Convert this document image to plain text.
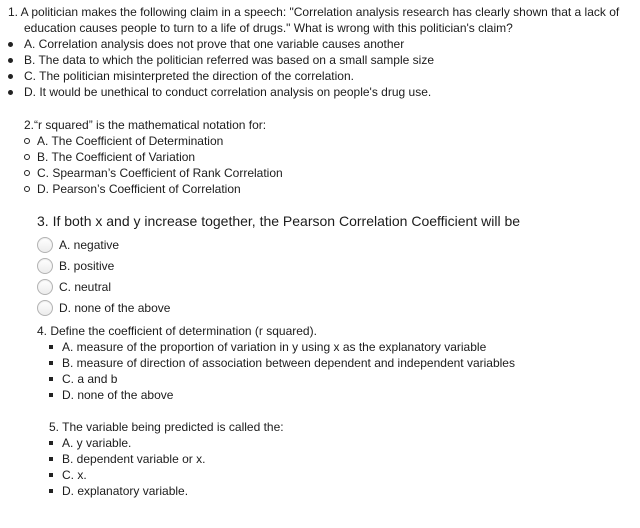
1. A politician makes the following claim in a speech: "Correlation analysis research has clearly shown that a lack of education causes people to turn to a life of drugs." What is wrong with this politician's claim?

A. Correlation analysis does not prove that one variable causes another
B. The data to which the politician referred was based on a small sample size
C. The politician misinterpreted the direction of the correlation.
D. It would be unethical to conduct correlation analysis on people's drug use.

2.“r squared” is the mathematical notation for:

A. The Coefficient of Determination
B. The Coefficient of Variation
C. Spearman’s Coefficient of Rank Correlation
D. Pearson’s Coefficient of Correlation

3. If both x and y increase together, the Pearson Correlation Coefficient will be

A. negative
B. positive
C. neutral
D. none of the above

4. Define the coefficient of determination (r squared).

A. measure of the proportion of variation in y using x as the explanatory variable
B. measure of direction of association between dependent and independent variables
C. a and b
D. none of the above

5. The variable being predicted is called the:

A. y variable.
B. dependent variable or x.
C. x.
D. explanatory variable.
